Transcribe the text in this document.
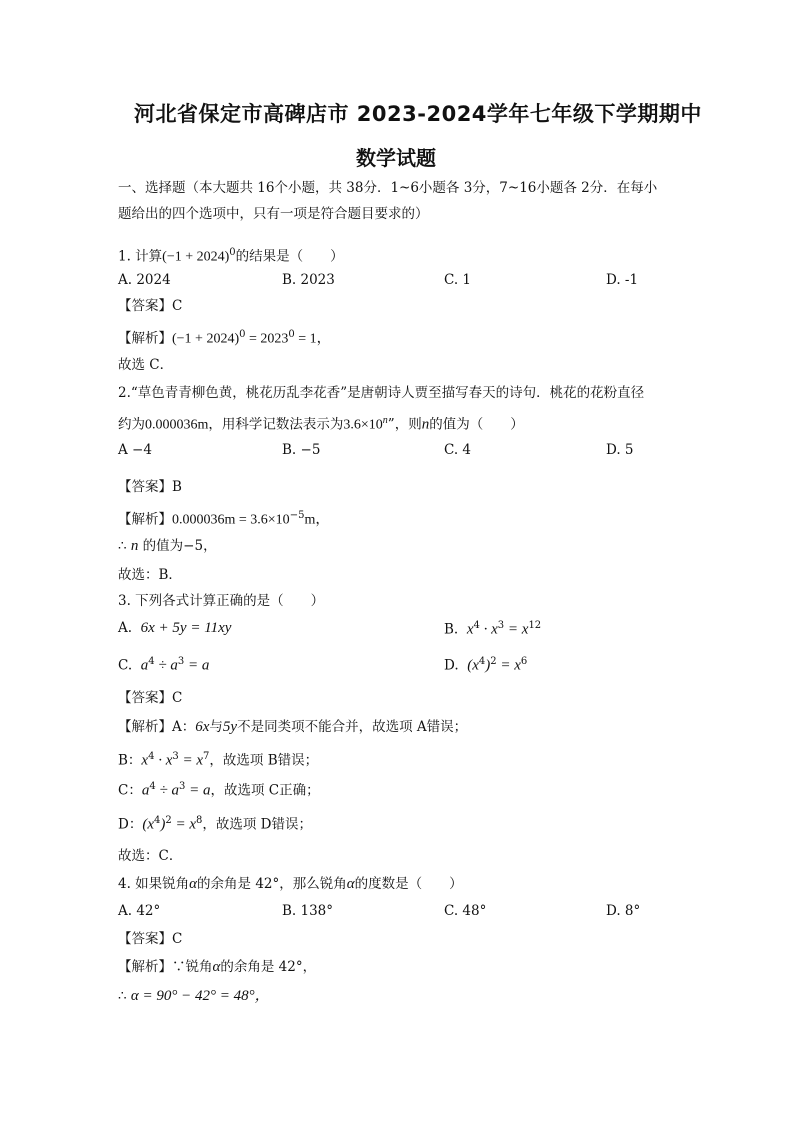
河北省保定市高碑店市 2023-2024学年七年级下学期期中
数学试题
一、选择题（本大题共 16个小题，共 38分．1~6小题各 3分，7~16小题各 2分．在每小
题给出的四个选项中，只有一项是符合题目要求的）
1. 计算$(-1 + 2024)^0$的结果是（　　）
A. 2024	B. 2023	C. 1	D. -1
【答案】C
【解析】$(-1 + 2024)^0 = 2023^0 = 1$，
故选 C．
2.“草色青青柳色黄，桃花历乱李花香”是唐朝诗人贾至描写春天的诗句．桃花的花粉直径
约为0.000036m，用科学记数法表示为$3.6\times 10^n$”，则n的值为（　　）
A −4	B. −5	C. 4	D. 5
【答案】B
【解析】$0.000036m = 3.6\times 10^{-5}m$，
∴ n 的值为−5，
故选：B．
3. 下列各式计算正确的是（　　）
A. 6x + 5y = 11xy	B. $x^4 \cdot x^3 = x^{12}$
C. $a^4 \div a^3 = a$	D. $(x^4)^2 = x^6$
【答案】C
【解析】A：6x与5y不是同类项不能合并，故选项 A错误；
B：$x^4 \cdot x^3 = x^7$，故选项 B错误；
C：$a^4 \div a^3 = a$，故选项 C正确；
D：$(x^4)^2 = x^8$，故选项 D错误；
故选：C．
4. 如果锐角α的余角是 42°，那么锐角α的度数是（　　）
A. 42°	B. 138°	C. 48°	D. 8°
【答案】C
【解析】∵锐角α的余角是 42°，
∴ α = 90° − 42° = 48°，
